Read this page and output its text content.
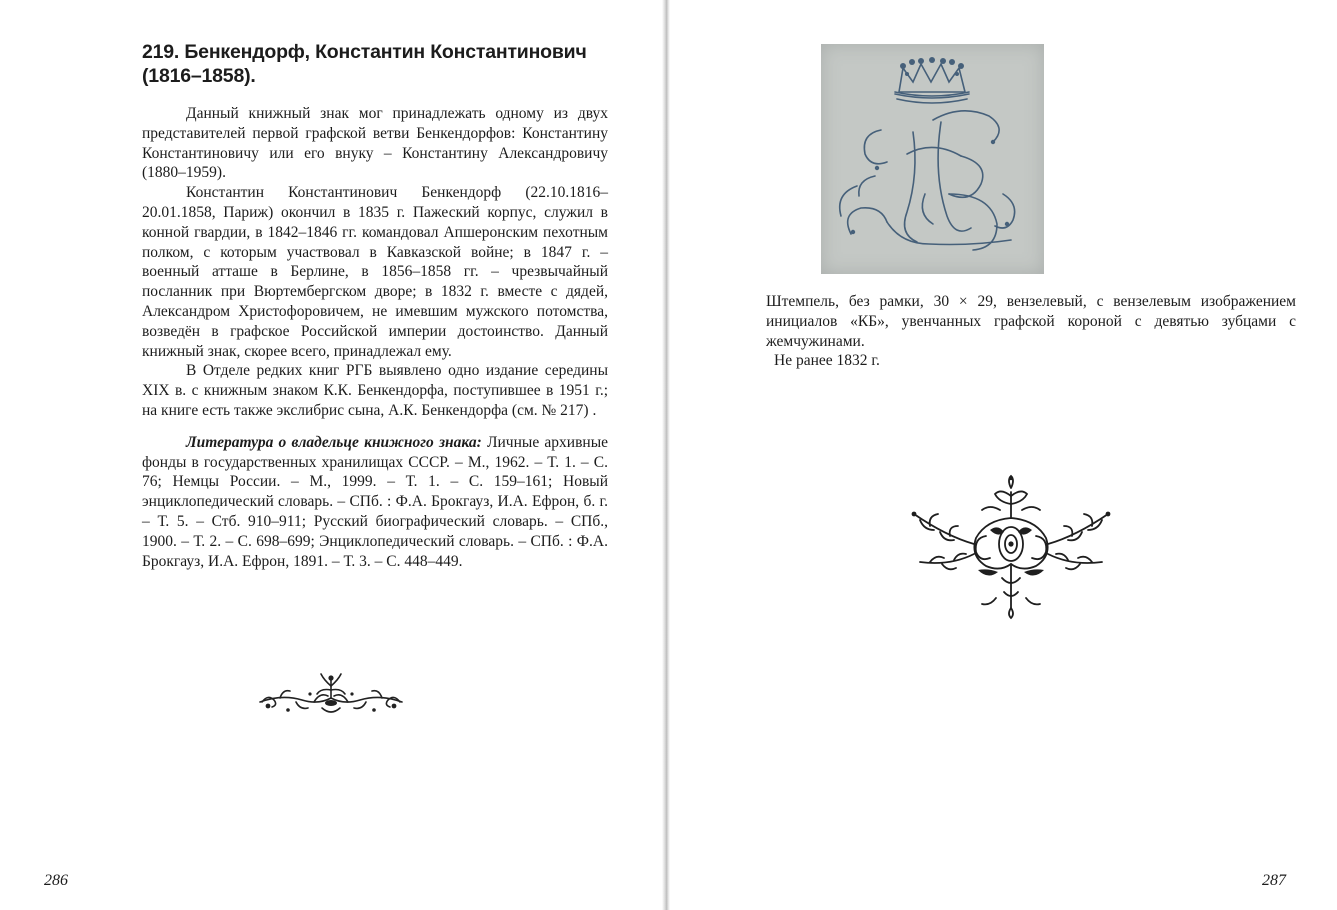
219. Бенкендорф, Константин Константинович
(1816–1858).

Данный книжный знак мог принадлежать одному из двух представителей первой графской ветви Бенкендорфов: Константину Константиновичу или его внуку – Константину Александровичу (1880–1959).

Константин Константинович Бенкендорф (22.10.1816–20.01.1858, Париж) окончил в 1835 г. Пажеский корпус, служил в конной гвардии, в 1842–1846 гг. командовал Апшеронским пехотным полком, с которым участвовал в Кавказской войне; в 1847 г. – военный атташе в Берлине, в 1856–1858 гг. – чрезвычайный посланник при Вюртембергском дворе; в 1832 г. вместе с дядей, Александром Христофоровичем, не имевшим мужского потомства, возведён в графское Российской империи достоинство. Данный книжный знак, скорее всего, принадлежал ему.

В Отделе редких книг РГБ выявлено одно издание середины XIX в. с книжным знаком К.К. Бенкендорфа, поступившее в 1951 г.; на книге есть также экслибрис сына, А.К. Бенкендорфа (см. № 217) .

Литература о владельце книжного знака: Личные архивные фонды в государственных хранилищах СССР. – М., 1962. – Т. 1. – С. 76; Немцы России. – М., 1999. – Т. 1. – С. 159–161; Новый энциклопедический словарь. – СПб. : Ф.А. Брокгауз, И.А. Ефрон, б. г. – Т. 5. – Стб. 910–911; Русский биографический словарь. – СПб., 1900. – Т. 2. – С. 698–699; Энциклопедический словарь. – СПб. : Ф.А. Брокгауз, И.А. Ефрон, 1891. – Т. 3. – С. 448–449.

286

Штемпель, без рамки, 30 × 29, вензелевый, с вензелевым изображением инициалов «КБ», увенчанных графской короной с девятью зубцами с жемчужинами.

Не ранее 1832 г.

287
